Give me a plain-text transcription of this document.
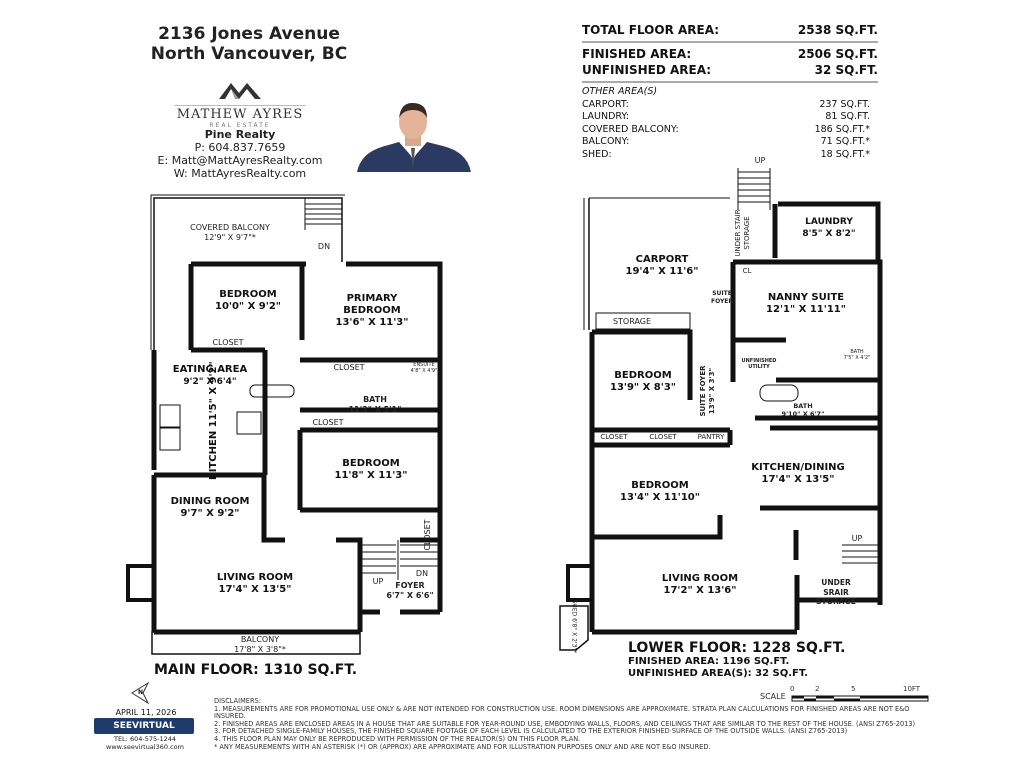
2136 Jones Avenue
North Vancouver, BC
MATHEW AYRES
REAL ESTATE
Pine Realty
P: 604.837.7659
E: Matt@MattAyresRealty.com
W: MattAyresRealty.com
TOTAL FLOOR AREA:	2538 SQ.FT.
FINISHED AREA:	2506 SQ.FT.
UNFINISHED AREA:	32 SQ.FT.
OTHER AREA(S)
CARPORT:	237 SQ.FT.
LAUNDRY:	81 SQ.FT.
COVERED BALCONY:	186 SQ.FT.*
BALCONY:	71 SQ.FT.*
SHED:	18 SQ.FT.*
COVERED BALCONY
12'9" X 9'7"*
DN
BEDROOM
10'0" X 9'2"
PRIMARY
BEDROOM
13'6" X 11'3"
CLOSET
CLOSET	ENSUITE
4'8" X 4'9"
EATING AREA
9'2" X 6'4"
BATH
11'3" X 5'1"
CLOSET
KITCHEN 11'5" X 9'2"
BEDROOM
11'8" X 11'3"
DINING ROOM
9'7" X 9'2"
CLOSET
LIVING ROOM
17'4" X 13'5"
UP
DN
FOYER
6'7" X 6'6"
BALCONY
17'8" X 3'8"*
MAIN FLOOR: 1310 SQ.FT.
UP
CARPORT
19'4" X 11'6"
UNDER STAIR STORAGE	LAUNDRY
8'5" X 8'2"
CL
SUITE
FOYER	NANNY SUITE
12'1" X 11'11"
STORAGE
BEDROOM
13'9" X 8'3"	SUITE FOYER 13'9" X 3'3"
UNFINISHED
UTILITY
BATH
7'5" X 4'2"
BATH
9'10" X 6'7"
CLOSET	CLOSET	PANTRY
KITCHEN/DINING
17'4" X 13'5"
BEDROOM
13'4" X 11'10"
UP
LIVING ROOM
17'2" X 13'6"
UNDER
SRAIR
STORAGE
SHED 6'8" X 2'3"*	LOWER FLOOR: 1228 SQ.FT.
FINISHED AREA: 1196 SQ.FT.
UNFINISHED AREA(S): 32 SQ.FT.
SCALE
0	2	5	10FT
N
APRIL 11, 2026
SEEVIRTUAL
TEL: 604-575-1244
www.seevirtual360.com
DISCLAIMERS:
1. MEASUREMENTS ARE FOR PROMOTIONAL USE ONLY & ARE NOT INTENDED FOR CONSTRUCTION USE. ROOM DIMENSIONS ARE APPROXIMATE. STRATA PLAN CALCULATIONS FOR FINISHED AREAS ARE NOT E&O INSURED.
2. FINISHED AREAS ARE ENCLOSED AREAS IN A HOUSE THAT ARE SUITABLE FOR YEAR-ROUND USE, EMBODYING WALLS, FLOORS, AND CEILINGS THAT ARE SIMILAR TO THE REST OF THE HOUSE. (ANSI Z765-2013)
3. FOR DETACHED SINGLE-FAMILY HOUSES, THE FINISHED SQUARE FOOTAGE OF EACH LEVEL IS CALCULATED TO THE EXTERIOR FINISHED SURFACE OF THE OUTSIDE WALLS. (ANSI Z765-2013)
4. THIS FLOOR PLAN MAY ONLY BE REPRODUCED WITH PERMISSION OF THE REALTOR(S) ON THIS FLOOR PLAN.
* ANY MEASUREMENTS WITH AN ASTERISK (*) OR (APPROX) ARE APPROXIMATE AND FOR ILLUSTRATION PURPOSES ONLY AND ARE NOT E&O INSURED.
